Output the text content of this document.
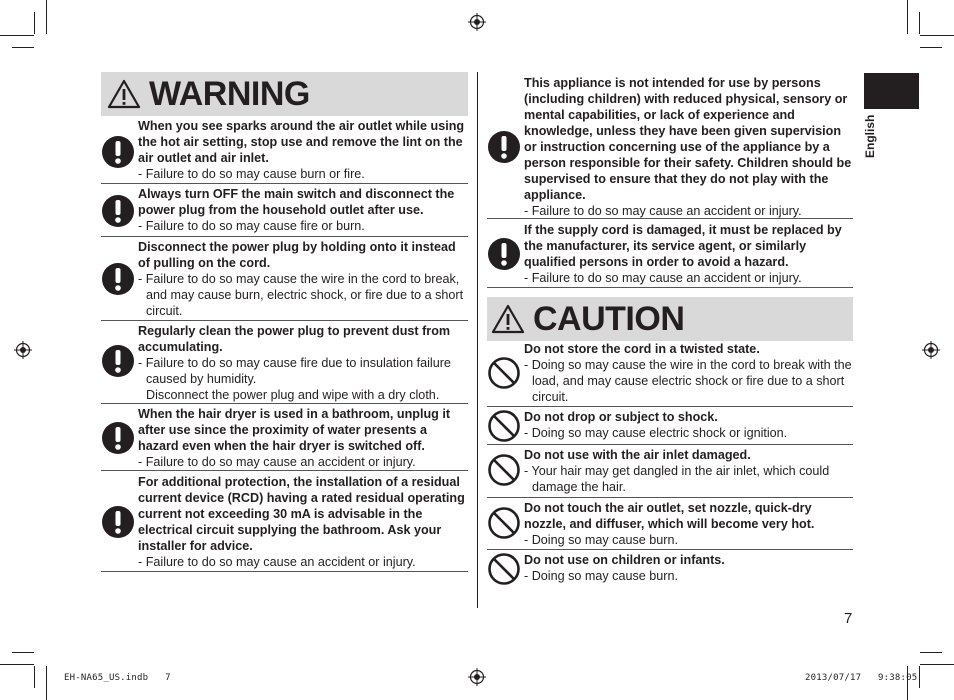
English
WARNING
When you see sparks around the air outlet while using the hot air setting, stop use and remove the lint on the air outlet and air inlet.
- Failure to do so may cause burn or fire.
Always turn OFF the main switch and disconnect the power plug from the household outlet after use.
- Failure to do so may cause fire or burn.
Disconnect the power plug by holding onto it instead of pulling on the cord.
- Failure to do so may cause the wire in the cord to break, and may cause burn, electric shock, or fire due to a short circuit.
Regularly clean the power plug to prevent dust from accumulating.
- Failure to do so may cause fire due to insulation failure caused by humidity.
Disconnect the power plug and wipe with a dry cloth.
When the hair dryer is used in a bathroom, unplug it after use since the proximity of water presents a hazard even when the hair dryer is switched off.
- Failure to do so may cause an accident or injury.
For additional protection, the installation of a residual current device (RCD) having a rated residual operating current not exceeding 30 mA is advisable in the electrical circuit supplying the bathroom. Ask your installer for advice.
- Failure to do so may cause an accident or injury.
This appliance is not intended for use by persons (including children) with reduced physical, sensory or mental capabilities, or lack of experience and knowledge, unless they have been given supervision or instruction concerning use of the appliance by a person responsible for their safety. Children should be supervised to ensure that they do not play with the appliance.
- Failure to do so may cause an accident or injury.
If the supply cord is damaged, it must be replaced by the manufacturer, its service agent, or similarly qualified persons in order to avoid a hazard.
- Failure to do so may cause an accident or injury.
CAUTION
Do not store the cord in a twisted state.
- Doing so may cause the wire in the cord to break with the load, and may cause electric shock or fire due to a short circuit.
Do not drop or subject to shock.
- Doing so may cause electric shock or ignition.
Do not use with the air inlet damaged.
- Your hair may get dangled in the air inlet, which could damage the hair.
Do not touch the air outlet, set nozzle, quick-dry nozzle, and diffuser, which will become very hot.
- Doing so may cause burn.
Do not use on children or infants.
- Doing so may cause burn.
7
EH-NA65_US.indb   7	2013/07/17   9:38:05
